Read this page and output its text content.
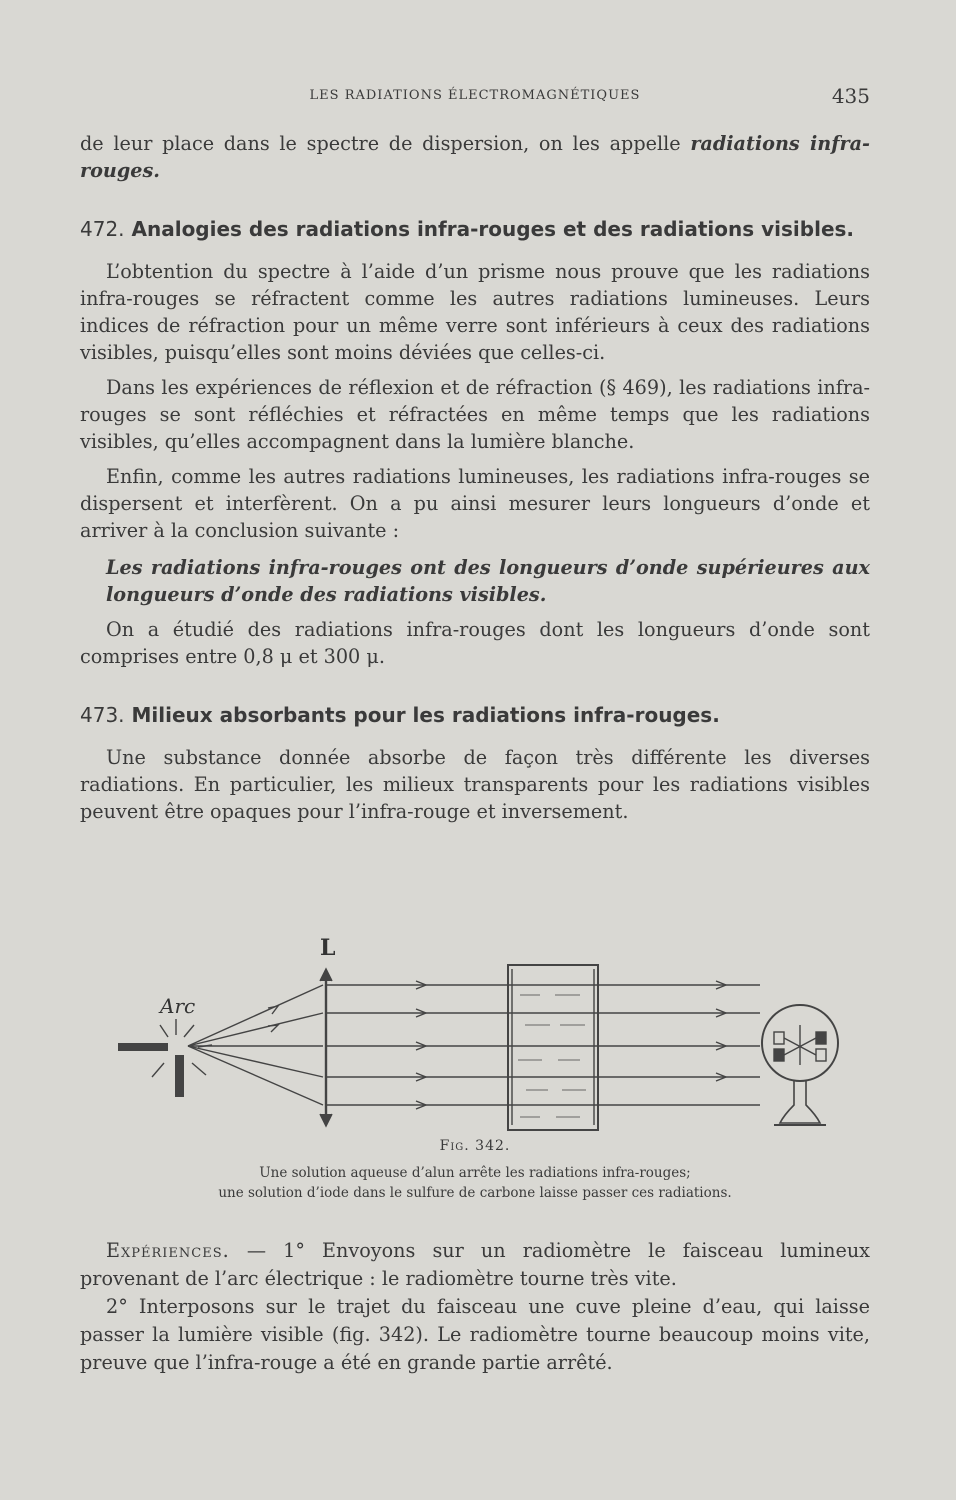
LES RADIATIONS ÉLECTROMAGNÉTIQUES	435

de leur place dans le spectre de dispersion, on les appelle radiations infra-rouges.

472. Analogies des radiations infra-rouges et des radiations visibles.

L’obtention du spectre à l’aide d’un prisme nous prouve que les radiations infra-rouges se réfractent comme les autres radiations lumineuses. Leurs indices de réfraction pour un même verre sont inférieurs à ceux des radiations visibles, puisqu’elles sont moins déviées que celles-ci.

Dans les expériences de réflexion et de réfraction (§ 469), les radiations infra-rouges se sont réfléchies et réfractées en même temps que les radiations visibles, qu’elles accompagnent dans la lumière blanche.

Enfin, comme les autres radiations lumineuses, les radiations infra-rouges se dispersent et interfèrent. On a pu ainsi mesurer leurs longueurs d’onde et arriver à la conclusion suivante :

Les radiations infra-rouges ont des longueurs d’onde supérieures aux longueurs d’onde des radiations visibles.

On a étudié des radiations infra-rouges dont les longueurs d’onde sont comprises entre 0,8 μ et 300 μ.

473. Milieux absorbants pour les radiations infra-rouges.

Une substance donnée absorbe de façon très différente les diverses radiations. En particulier, les milieux transparents pour les radiations visibles peuvent être opaques pour l’infra-rouge et inversement.

L
Arc
Fig. 342.
Une solution aqueuse d’alun arrête les radiations infra-rouges;
une solution d’iode dans le sulfure de carbone laisse passer ces radiations.

Expériences. — 1° Envoyons sur un radiomètre le faisceau lumineux provenant de l’arc électrique : le radiomètre tourne très vite.

2° Interposons sur le trajet du faisceau une cuve pleine d’eau, qui laisse passer la lumière visible (fig. 342). Le radiomètre tourne beaucoup moins vite, preuve que l’infra-rouge a été en grande partie arrêté.
